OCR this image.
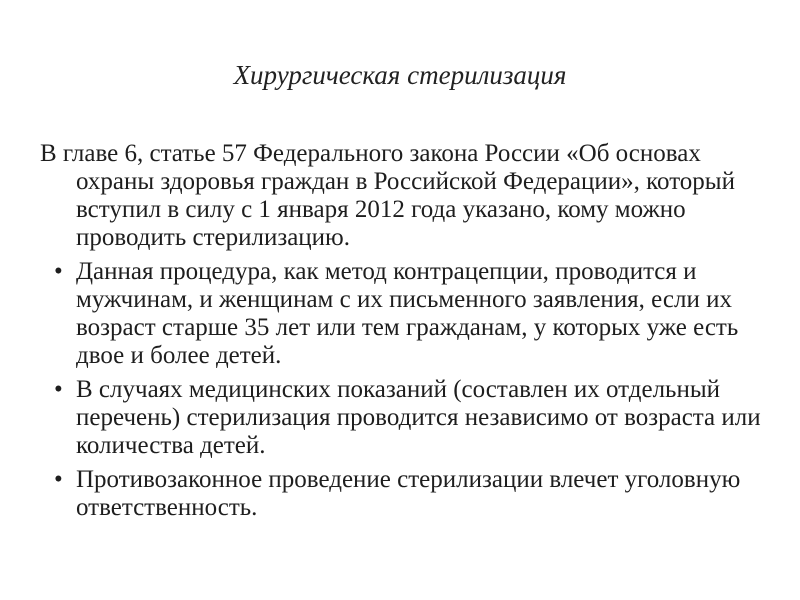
Хирургическая стерилизация

В главе 6, статье 57 Федерального закона России «Об основах охраны здоровья граждан в Российской Федерации», который вступил в силу с 1 января 2012 года указано, кому можно проводить стерилизацию.

• Данная процедура, как метод контрацепции, проводится и мужчинам, и женщинам с их письменного заявления, если их возраст старше 35 лет или тем гражданам, у которых уже есть двое и более детей.

• В случаях медицинских показаний (составлен их отдельный перечень) стерилизация проводится независимо от возраста или количества детей.

• Противозаконное проведение стерилизации влечет уголовную ответственность.
